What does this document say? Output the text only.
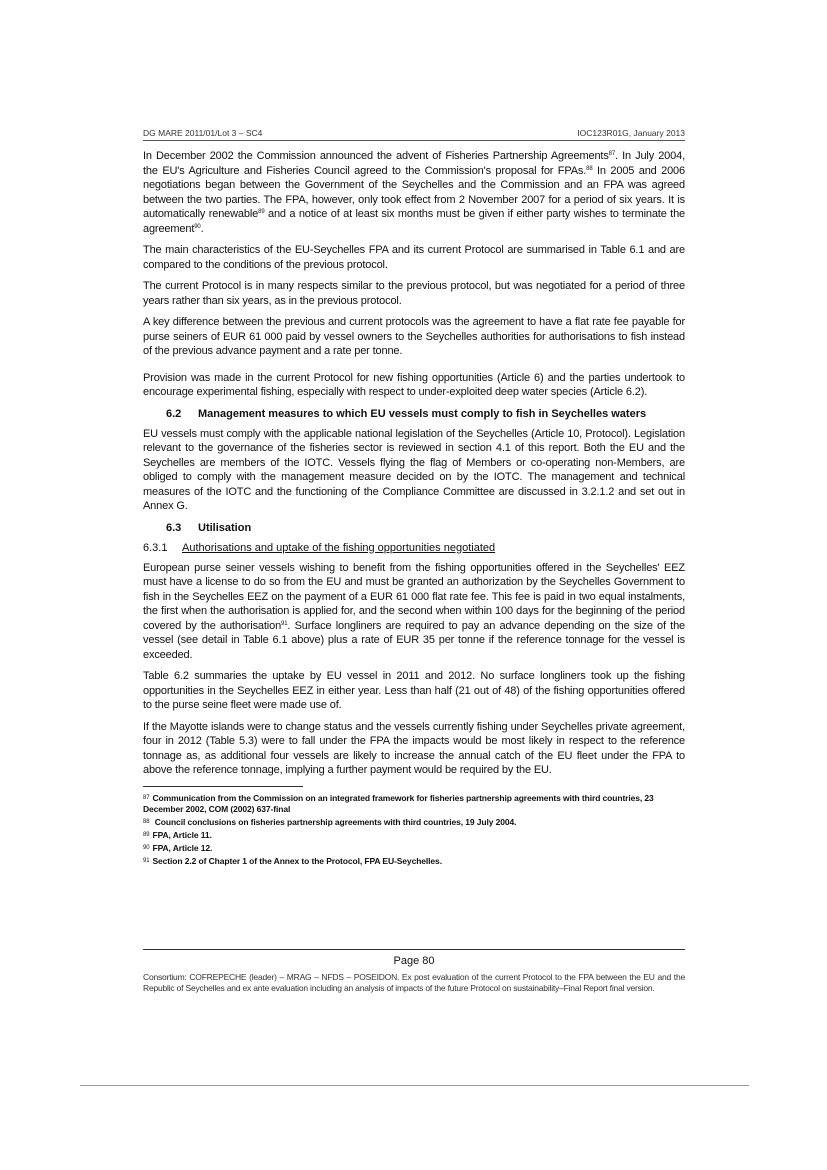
DG MARE 2011/01/Lot 3 – SC4	IOC123R01G, January 2013

In December 2002 the Commission announced the advent of Fisheries Partnership Agreements$^{87}$. In July 2004, the EU's Agriculture and Fisheries Council agreed to the Commission's proposal for FPAs.$^{88}$ In 2005 and 2006 negotiations began between the Government of the Seychelles and the Commission and an FPA was agreed between the two parties. The FPA, however, only took effect from 2 November 2007 for a period of six years. It is automatically renewable$^{89}$ and a notice of at least six months must be given if either party wishes to terminate the agreement$^{90}$.

The main characteristics of the EU-Seychelles FPA and its current Protocol are summarised in Table 6.1 and are compared to the conditions of the previous protocol.

The current Protocol is in many respects similar to the previous protocol, but was negotiated for a period of three years rather than six years, as in the previous protocol.

A key difference between the previous and current protocols was the agreement to have a flat rate fee payable for purse seiners of EUR 61 000 paid by vessel owners to the Seychelles authorities for authorisations to fish instead of the previous advance payment and a rate per tonne.

Provision was made in the current Protocol for new fishing opportunities (Article 6) and the parties undertook to encourage experimental fishing, especially with respect to under-exploited deep water species (Article 6.2).

6.2 Management measures to which EU vessels must comply to fish in Seychelles waters

EU vessels must comply with the applicable national legislation of the Seychelles (Article 10, Protocol). Legislation relevant to the governance of the fisheries sector is reviewed in section 4.1 of this report. Both the EU and the Seychelles are members of the IOTC. Vessels flying the flag of Members or co-operating non-Members, are obliged to comply with the management measure decided on by the IOTC. The management and technical measures of the IOTC and the functioning of the Compliance Committee are discussed in 3.2.1.2 and set out in Annex G.

6.3 Utilisation
6.3.1 Authorisations and uptake of the fishing opportunities negotiated

European purse seiner vessels wishing to benefit from the fishing opportunities offered in the Seychelles' EEZ must have a license to do so from the EU and must be granted an authorization by the Seychelles Government to fish in the Seychelles EEZ on the payment of a EUR 61 000 flat rate fee. This fee is paid in two equal instalments, the first when the authorisation is applied for, and the second when within 100 days for the beginning of the period covered by the authorisation$^{91}$. Surface longliners are required to pay an advance depending on the size of the vessel (see detail in Table 6.1 above) plus a rate of EUR 35 per tonne if the reference tonnage for the vessel is exceeded.

Table 6.2 summaries the uptake by EU vessel in 2011 and 2012. No surface longliners took up the fishing opportunities in the Seychelles EEZ in either year. Less than half (21 out of 48) of the fishing opportunities offered to the purse seine fleet were made use of.

If the Mayotte islands were to change status and the vessels currently fishing under Seychelles private agreement, four in 2012 (Table 5.3) were to fall under the FPA the impacts would be most likely in respect to the reference tonnage as, as additional four vessels are likely to increase the annual catch of the EU fleet under the FPA to above the reference tonnage, implying a further payment would be required by the EU.

$^{87}$ Communication from the Commission on an integrated framework for fisheries partnership agreements with third countries, 23 December 2002, COM (2002) 637-final

$^{88}$ Council conclusions on fisheries partnership agreements with third countries, 19 July 2004.

$^{89}$ FPA, Article 11.

$^{90}$ FPA, Article 12.

$^{91}$ Section 2.2 of Chapter 1 of the Annex to the Protocol, FPA EU-Seychelles.

Page 80
Consortium: COFREPECHE (leader) – MRAG – NFDS – POSEIDON. Ex post evaluation of the current Protocol to the FPA between the EU and the Republic of Seychelles and ex ante evaluation including an analysis of impacts of the future Protocol on sustainability–Final Report final version.
